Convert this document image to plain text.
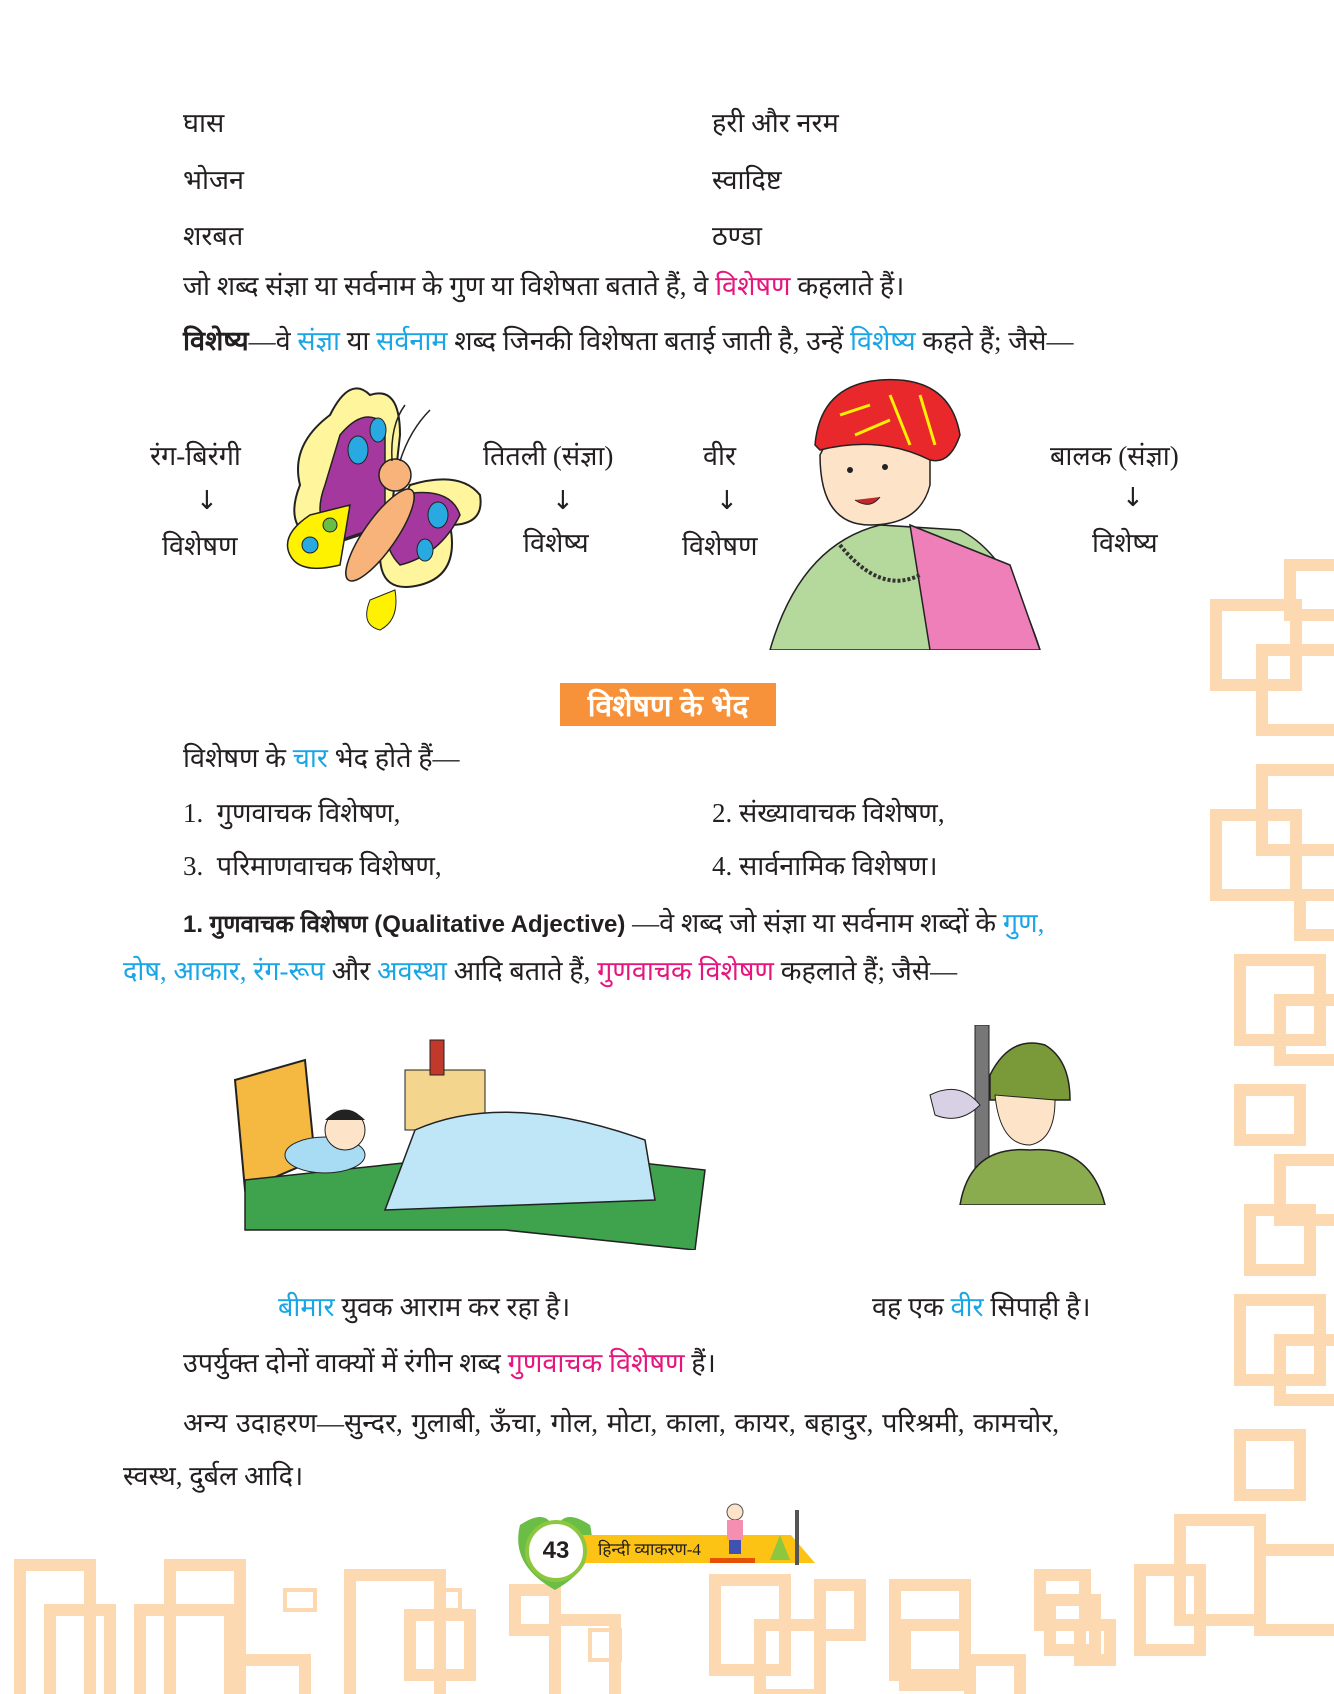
घास	हरी और नरम
भोजन	स्वादिष्ट
शरबत	ठण्डा
जो शब्द संज्ञा या सर्वनाम के गुण या विशेषता बताते हैं, वे विशेषण कहलाते हैं।
विशेष्य—वे संज्ञा या सर्वनाम शब्द जिनकी विशेषता बताई जाती है, उन्हें विशेष्य कहते हैं; जैसे—
रंग-बिरंगी
↓
विशेषण
तितली (संज्ञा)
↓
विशेष्य
वीर
↓
विशेषण
बालक (संज्ञा)
↓
विशेष्य
विशेषण के भेद
विशेषण के चार भेद होते हैं—
1.  गुणवाचक विशेषण,	2. संख्यावाचक विशेषण,
3.  परिमाणवाचक विशेषण,	4. सार्वनामिक विशेषण।
1. गुणवाचक विशेषण (Qualitative Adjective) —वे शब्द जो संज्ञा या सर्वनाम शब्दों के गुण,
दोष, आकार, रंग-रूप और अवस्था आदि बताते हैं, गुणवाचक विशेषण कहलाते हैं; जैसे—
बीमार युवक आराम कर रहा है।	वह एक वीर सिपाही है।
उपर्युक्त दोनों वाक्यों में रंगीन शब्द गुणवाचक विशेषण हैं।
अन्य उदाहरण—सुन्दर, गुलाबी, ऊँचा, गोल, मोटा, काला, कायर, बहादुर, परिश्रमी, कामचोर,
स्वस्थ, दुर्बल आदि।
43	हिन्दी व्याकरण-4
